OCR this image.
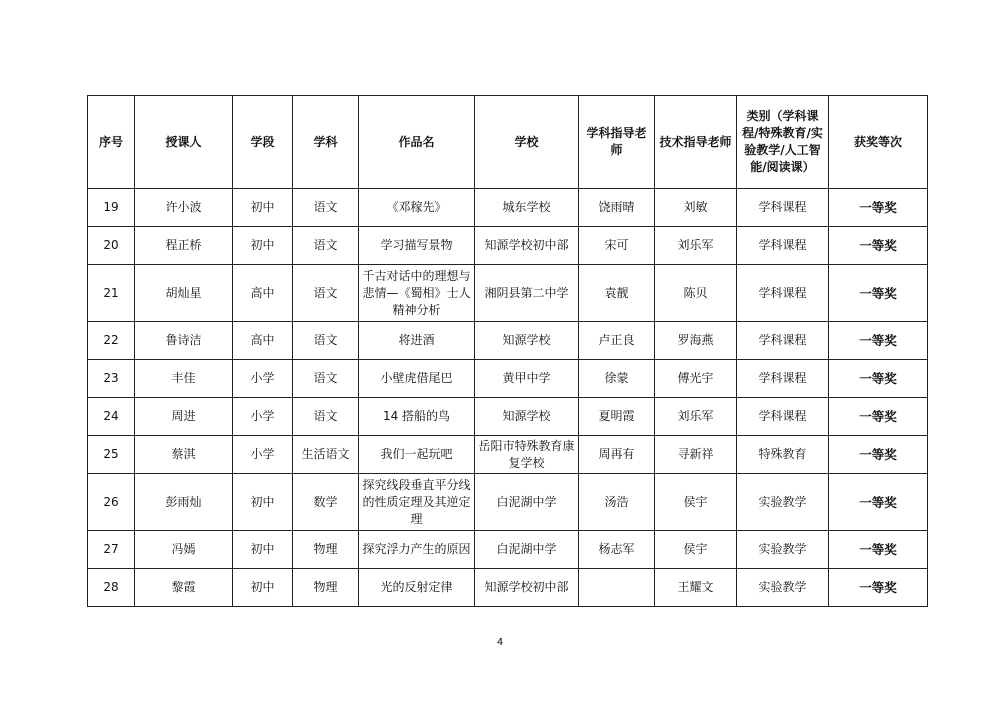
序号	授课人	学段	学科	作品名	学校	学科指导老师	技术指导老师	类别（学科课程/特殊教育/实验教学/人工智能/阅读课）	获奖等次
19	许小波	初中	语文	《邓稼先》	城东学校	饶雨晴	刘敏	学科课程	一等奖
20	程正桥	初中	语文	学习描写景物	知源学校初中部	宋可	刘乐军	学科课程	一等奖
21	胡灿星	高中	语文	千古对话中的理想与悲情—《蜀相》士人精神分析	湘阴县第二中学	袁靓	陈贝	学科课程	一等奖
22	鲁诗洁	高中	语文	将进酒	知源学校	卢正良	罗海燕	学科课程	一等奖
23	丰佳	小学	语文	小壁虎借尾巴	黄甲中学	徐蒙	傅光宇	学科课程	一等奖
24	周进	小学	语文	14 搭船的鸟	知源学校	夏明霞	刘乐军	学科课程	一等奖
25	蔡淇	小学	生活语文	我们一起玩吧	岳阳市特殊教育康复学校	周再有	寻新祥	特殊教育	一等奖
26	彭雨灿	初中	数学	探究线段垂直平分线的性质定理及其逆定理	白泥湖中学	汤浩	侯宇	实验教学	一等奖
27	冯嫣	初中	物理	探究浮力产生的原因	白泥湖中学	杨志军	侯宇	实验教学	一等奖
28	黎霞	初中	物理	光的反射定律	知源学校初中部		王耀文	实验教学	一等奖
4
